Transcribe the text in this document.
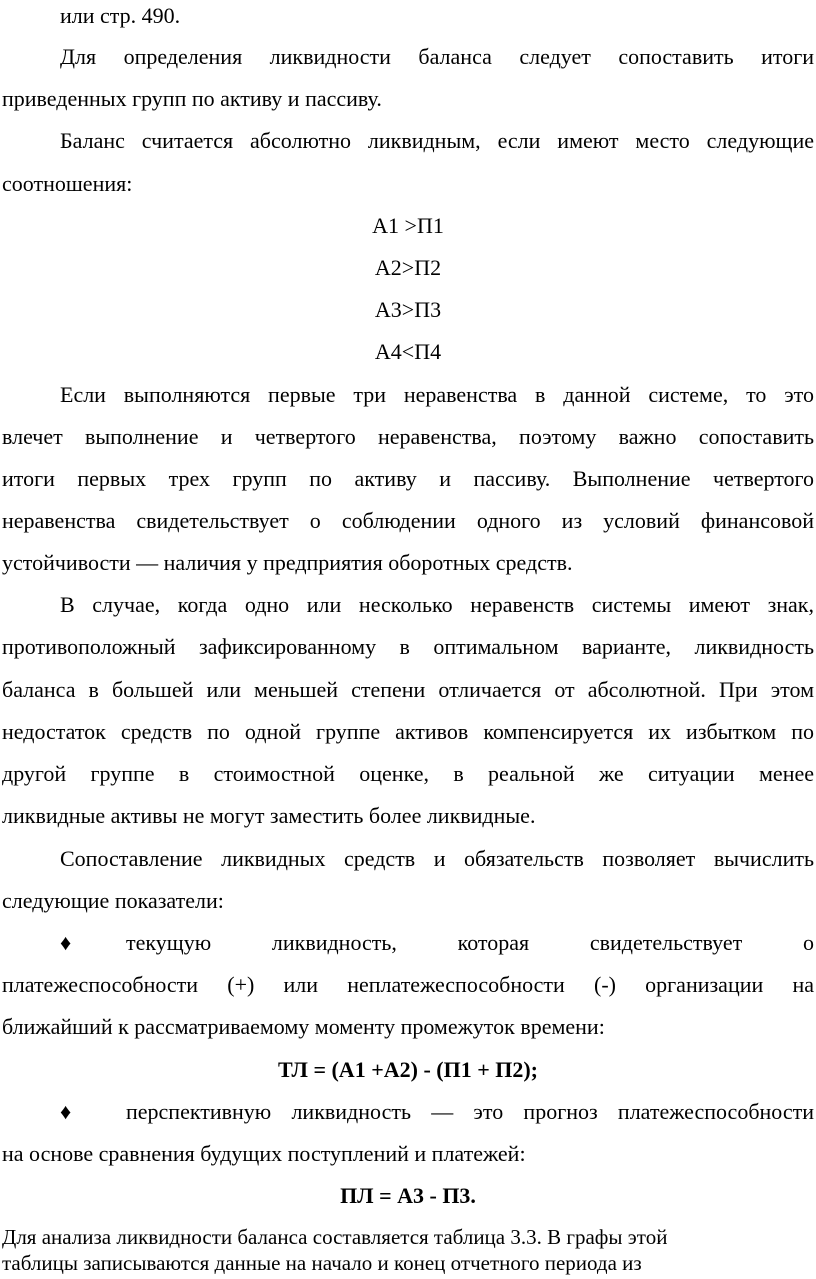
или стр. 490.
Для определения ликвидности баланса следует сопоставить итоги
приведенных групп по активу и пассиву.
Баланс считается абсолютно ликвидным, если имеют место следующие
соотношения:
А1 >П1
А2>П2
А3>П3
А4<П4
Если выполняются первые три неравенства в данной системе, то это
влечет выполнение и четвертого неравенства, поэтому важно сопоставить
итоги первых трех групп по активу и пассиву. Выполнение четвертого
неравенства свидетельствует о соблюдении одного из условий финансовой
устойчивости — наличия у предприятия оборотных средств.
В случае, когда одно или несколько неравенств системы имеют знак,
противоположный зафиксированному в оптимальном варианте, ликвидность
баланса в большей или меньшей степени отличается от абсолютной. При этом
недостаток средств по одной группе активов компенсируется их избытком по
другой группе в стоимостной оценке, в реальной же ситуации менее
ликвидные активы не могут заместить более ликвидные.
Сопоставление ликвидных средств и обязательств позволяет вычислить
следующие показатели:
♦ текущую ликвидность, которая свидетельствует о
платежеспособности (+) или неплатежеспособности (-) организации на
ближайший к рассматриваемому моменту промежуток времени:
ТЛ = (А1 +А2) - (П1 + П2);
♦ перспективную ликвидность — это прогноз платежеспособности
на основе сравнения будущих поступлений и платежей:
ПЛ = А3 - П3.
Для анализа ликвидности баланса составляется таблица 3.3. В графы этой
таблицы записываются данные на начало и конец отчетного периода из
